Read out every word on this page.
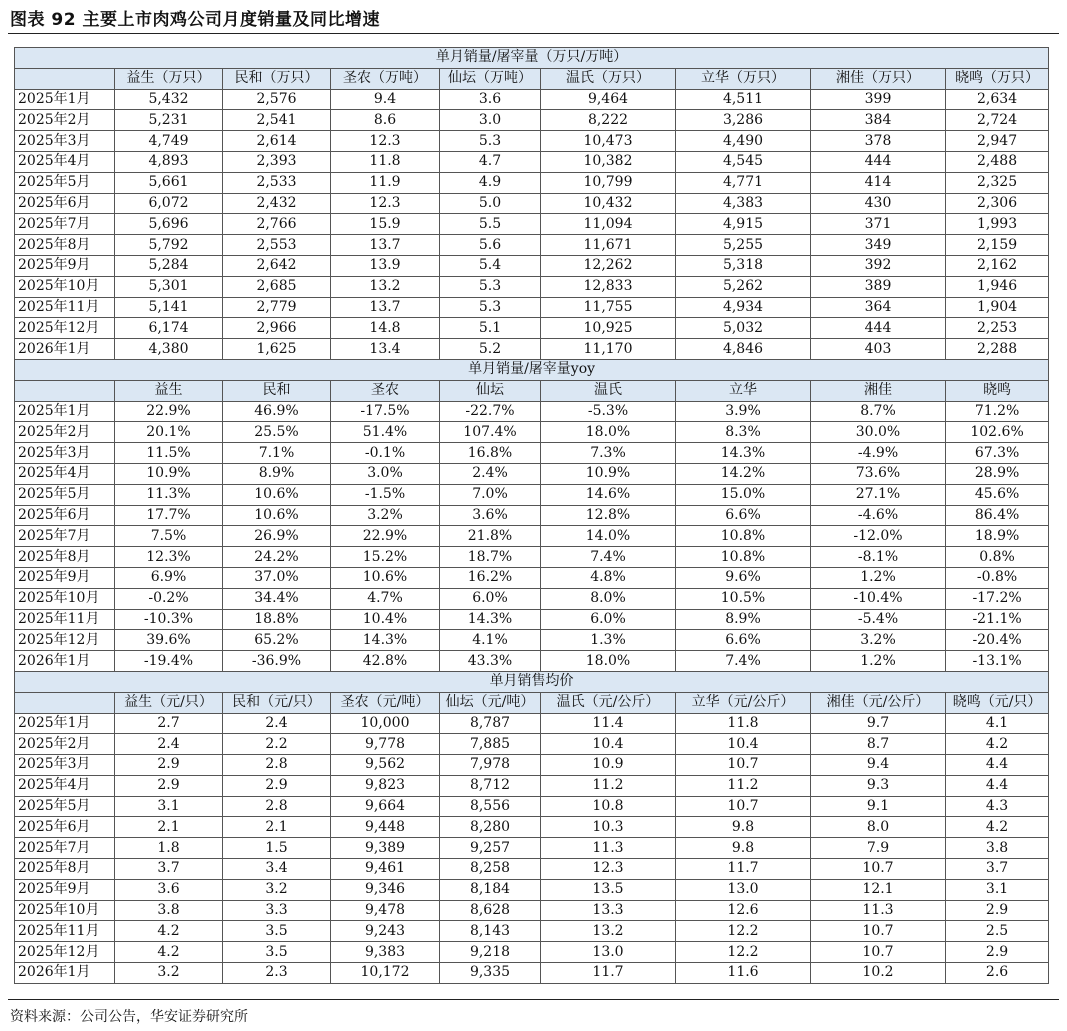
图表 92 主要上市肉鸡公司月度销量及同比增速
单月销量/屠宰量（万只/万吨）								
	益生（万只）	民和（万只）	圣农（万吨）	仙坛（万吨）	温氏（万只）	立华（万只）	湘佳（万只）	晓鸣（万只）
2025年1月	5,432	2,576	9.4	3.6	9,464	4,511	399	2,634
2025年2月	5,231	2,541	8.6	3.0	8,222	3,286	384	2,724
2025年3月	4,749	2,614	12.3	5.3	10,473	4,490	378	2,947
2025年4月	4,893	2,393	11.8	4.7	10,382	4,545	444	2,488
2025年5月	5,661	2,533	11.9	4.9	10,799	4,771	414	2,325
2025年6月	6,072	2,432	12.3	5.0	10,432	4,383	430	2,306
2025年7月	5,696	2,766	15.9	5.5	11,094	4,915	371	1,993
2025年8月	5,792	2,553	13.7	5.6	11,671	5,255	349	2,159
2025年9月	5,284	2,642	13.9	5.4	12,262	5,318	392	2,162
2025年10月	5,301	2,685	13.2	5.3	12,833	5,262	389	1,946
2025年11月	5,141	2,779	13.7	5.3	11,755	4,934	364	1,904
2025年12月	6,174	2,966	14.8	5.1	10,925	5,032	444	2,253
2026年1月	4,380	1,625	13.4	5.2	11,170	4,846	403	2,288
单月销量/屠宰量yoy								
	益生	民和	圣农	仙坛	温氏	立华	湘佳	晓鸣
2025年1月	22.9%	46.9%	-17.5%	-22.7%	-5.3%	3.9%	8.7%	71.2%
2025年2月	20.1%	25.5%	51.4%	107.4%	18.0%	8.3%	30.0%	102.6%
2025年3月	11.5%	7.1%	-0.1%	16.8%	7.3%	14.3%	-4.9%	67.3%
2025年4月	10.9%	8.9%	3.0%	2.4%	10.9%	14.2%	73.6%	28.9%
2025年5月	11.3%	10.6%	-1.5%	7.0%	14.6%	15.0%	27.1%	45.6%
2025年6月	17.7%	10.6%	3.2%	3.6%	12.8%	6.6%	-4.6%	86.4%
2025年7月	7.5%	26.9%	22.9%	21.8%	14.0%	10.8%	-12.0%	18.9%
2025年8月	12.3%	24.2%	15.2%	18.7%	7.4%	10.8%	-8.1%	0.8%
2025年9月	6.9%	37.0%	10.6%	16.2%	4.8%	9.6%	1.2%	-0.8%
2025年10月	-0.2%	34.4%	4.7%	6.0%	8.0%	10.5%	-10.4%	-17.2%
2025年11月	-10.3%	18.8%	10.4%	14.3%	6.0%	8.9%	-5.4%	-21.1%
2025年12月	39.6%	65.2%	14.3%	4.1%	1.3%	6.6%	3.2%	-20.4%
2026年1月	-19.4%	-36.9%	42.8%	43.3%	18.0%	7.4%	1.2%	-13.1%
单月销售均价								
	益生（元/只）	民和（元/只）	圣农（元/吨）	仙坛（元/吨）	温氏（元/公斤）	立华（元/公斤）	湘佳（元/公斤）	晓鸣（元/只）
2025年1月	2.7	2.4	10,000	8,787	11.4	11.8	9.7	4.1
2025年2月	2.4	2.2	9,778	7,885	10.4	10.4	8.7	4.2
2025年3月	2.9	2.8	9,562	7,978	10.9	10.7	9.4	4.4
2025年4月	2.9	2.9	9,823	8,712	11.2	11.2	9.3	4.4
2025年5月	3.1	2.8	9,664	8,556	10.8	10.7	9.1	4.3
2025年6月	2.1	2.1	9,448	8,280	10.3	9.8	8.0	4.2
2025年7月	1.8	1.5	9,389	9,257	11.3	9.8	7.9	3.8
2025年8月	3.7	3.4	9,461	8,258	12.3	11.7	10.7	3.7
2025年9月	3.6	3.2	9,346	8,184	13.5	13.0	12.1	3.1
2025年10月	3.8	3.3	9,478	8,628	13.3	12.6	11.3	2.9
2025年11月	4.2	3.5	9,243	8,143	13.2	12.2	10.7	2.5
2025年12月	4.2	3.5	9,383	9,218	13.0	12.2	10.7	2.9
2026年1月	3.2	2.3	10,172	9,335	11.7	11.6	10.2	2.6
资料来源：公司公告，华安证券研究所
